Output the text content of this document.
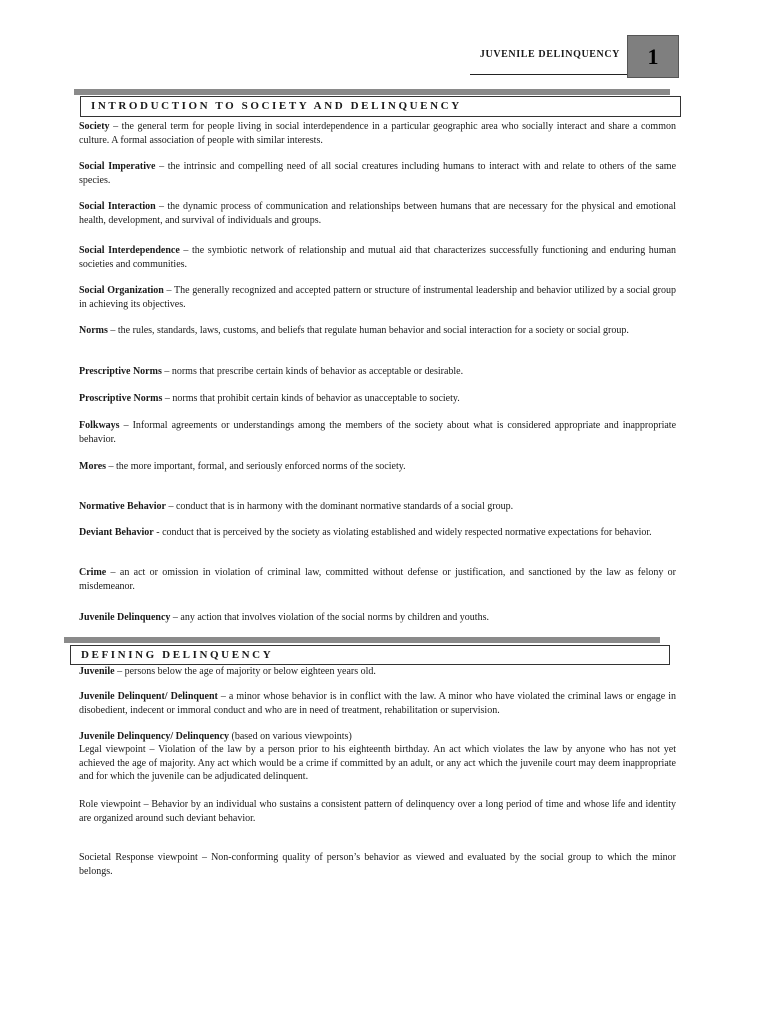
JUVENILE DELINQUENCY	1
INTRODUCTION TO SOCIETY AND DELINQUENCY

Society – the general term for people living in social interdependence in a particular geographic area who socially interact and share a common culture. A formal association of people with similar interests.

Social Imperative – the intrinsic and compelling need of all social creatures including humans to interact with and relate to others of the same species.

Social Interaction – the dynamic process of communication and relationships between humans that are necessary for the physical and emotional health, development, and survival of individuals and groups.

Social Interdependence – the symbiotic network of relationship and mutual aid that characterizes successfully functioning and enduring human societies and communities.

Social Organization – The generally recognized and accepted pattern or structure of instrumental leadership and behavior utilized by a social group in achieving its objectives.

Norms – the rules, standards, laws, customs, and beliefs that regulate human behavior and social interaction for a society or social group.

Prescriptive Norms – norms that prescribe certain kinds of behavior as acceptable or desirable.

Proscriptive Norms – norms that prohibit certain kinds of behavior as unacceptable to society.

Folkways – Informal agreements or understandings among the members of the society about what is considered appropriate and inappropriate behavior.

Mores – the more important, formal, and seriously enforced norms of the society.

Normative Behavior – conduct that is in harmony with the dominant normative standards of a social group.

Deviant Behavior - conduct that is perceived by the society as violating established and widely respected normative expectations for behavior.

Crime – an act or omission in violation of criminal law, committed without defense or justification, and sanctioned by the law as felony or misdemeanor.

Juvenile Delinquency – any action that involves violation of the social norms by children and youths.

DEFINING DELINQUENCY

Juvenile – persons below the age of majority or below eighteen years old.

Juvenile Delinquent/ Delinquent – a minor whose behavior is in conflict with the law. A minor who have violated the criminal laws or engage in disobedient, indecent or immoral conduct and who are in need of treatment, rehabilitation or supervision.

Juvenile Delinquency/ Delinquency (based on various viewpoints)

Legal viewpoint – Violation of the law by a person prior to his eighteenth birthday. An act which violates the law by anyone who has not yet achieved the age of majority. Any act which would be a crime if committed by an adult, or any act which the juvenile court may deem inappropriate and for which the juvenile can be adjudicated delinquent.

Role viewpoint – Behavior by an individual who sustains a consistent pattern of delinquency over a long period of time and whose life and identity are organized around such deviant behavior.

Societal Response viewpoint – Non-conforming quality of person’s behavior as viewed and evaluated by the social group to which the minor belongs.
